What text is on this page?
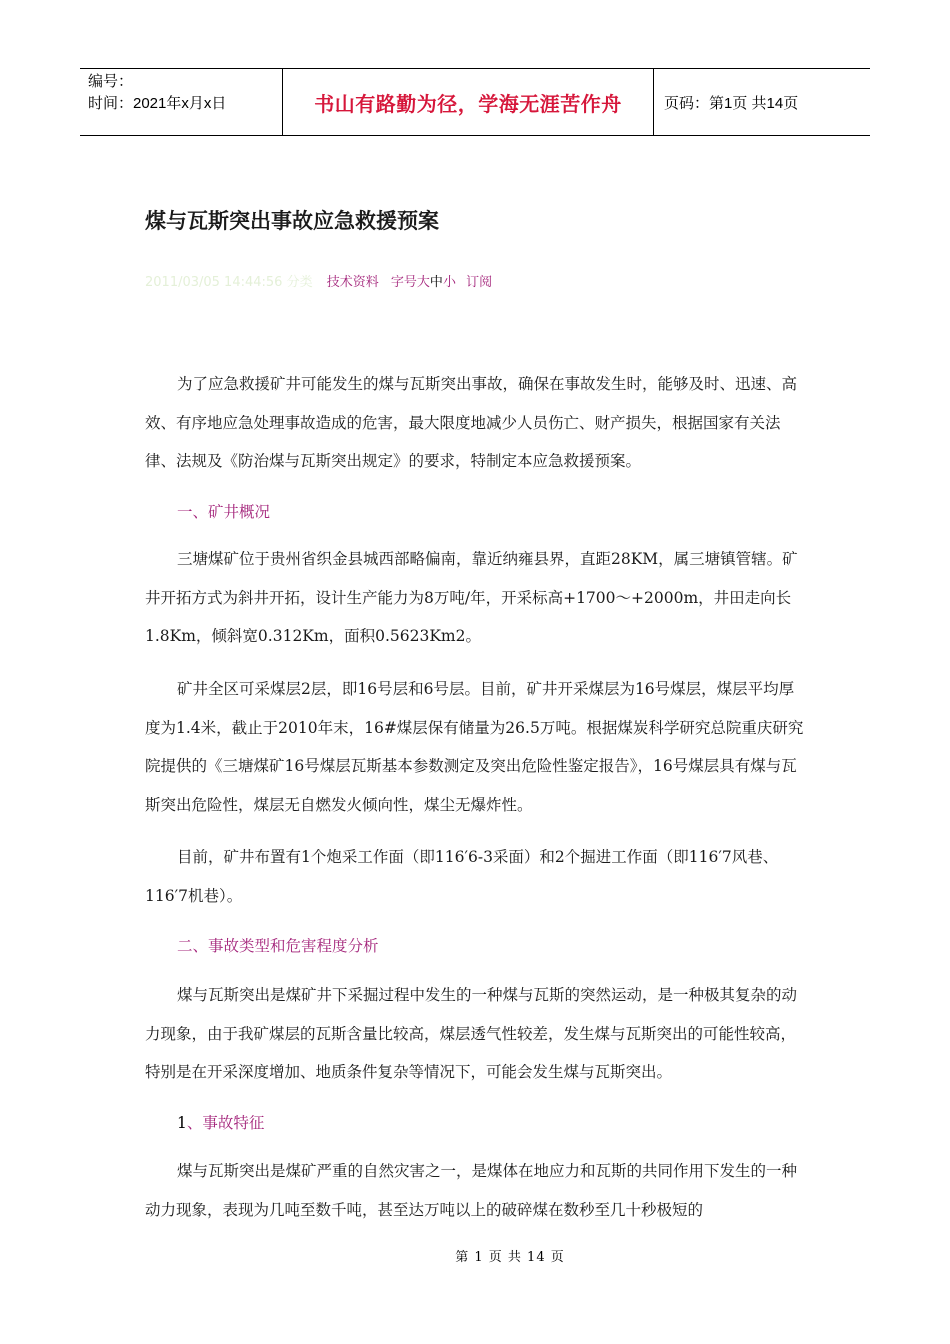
编号：
时间：2021年x月x日	书山有路勤为径，学海无涯苦作舟	页码：第1页 共14页
煤与瓦斯突出事故应急救援预案
2011/03/05 14:44:56 分类 技术资料 字号大中小 订阅

为了应急救援矿井可能发生的煤与瓦斯突出事故，确保在事故发生时，能够及时、迅速、高效、有序地应急处理事故造成的危害，最大限度地减少人员伤亡、财产损失，根据国家有关法律、法规及《防治煤与瓦斯突出规定》的要求，特制定本应急救援预案。

一、矿井概况

三塘煤矿位于贵州省织金县城西部略偏南，靠近纳雍县界，直距28KM，属三塘镇管辖。矿井开拓方式为斜井开拓，设计生产能力为8万吨/年，开采标高+1700～+2000m，井田走向长1.8Km，倾斜宽0.312Km，面积0.5623Km2。

矿井全区可采煤层2层，即16号层和6号层。目前，矿井开采煤层为16号煤层，煤层平均厚度为1.4米，截止于2010年末，16#煤层保有储量为26.5万吨。根据煤炭科学研究总院重庆研究院提供的《三塘煤矿16号煤层瓦斯基本参数测定及突出危险性鉴定报告》，16号煤层具有煤与瓦斯突出危险性，煤层无自燃发火倾向性，煤尘无爆炸性。

目前，矿井布置有1个炮采工作面（即116′6-3采面）和2个掘进工作面（即116′7风巷、116′7机巷）。

二、事故类型和危害程度分析

煤与瓦斯突出是煤矿井下采掘过程中发生的一种煤与瓦斯的突然运动，是一种极其复杂的动力现象，由于我矿煤层的瓦斯含量比较高，煤层透气性较差，发生煤与瓦斯突出的可能性较高，特别是在开采深度增加、地质条件复杂等情况下，可能会发生煤与瓦斯突出。

1、事故特征

煤与瓦斯突出是煤矿严重的自然灾害之一，是煤体在地应力和瓦斯的共同作用下发生的一种动力现象，表现为几吨至数千吨，甚至达万吨以上的破碎煤在数秒至几十秒极短的

第 1 页 共 14 页
